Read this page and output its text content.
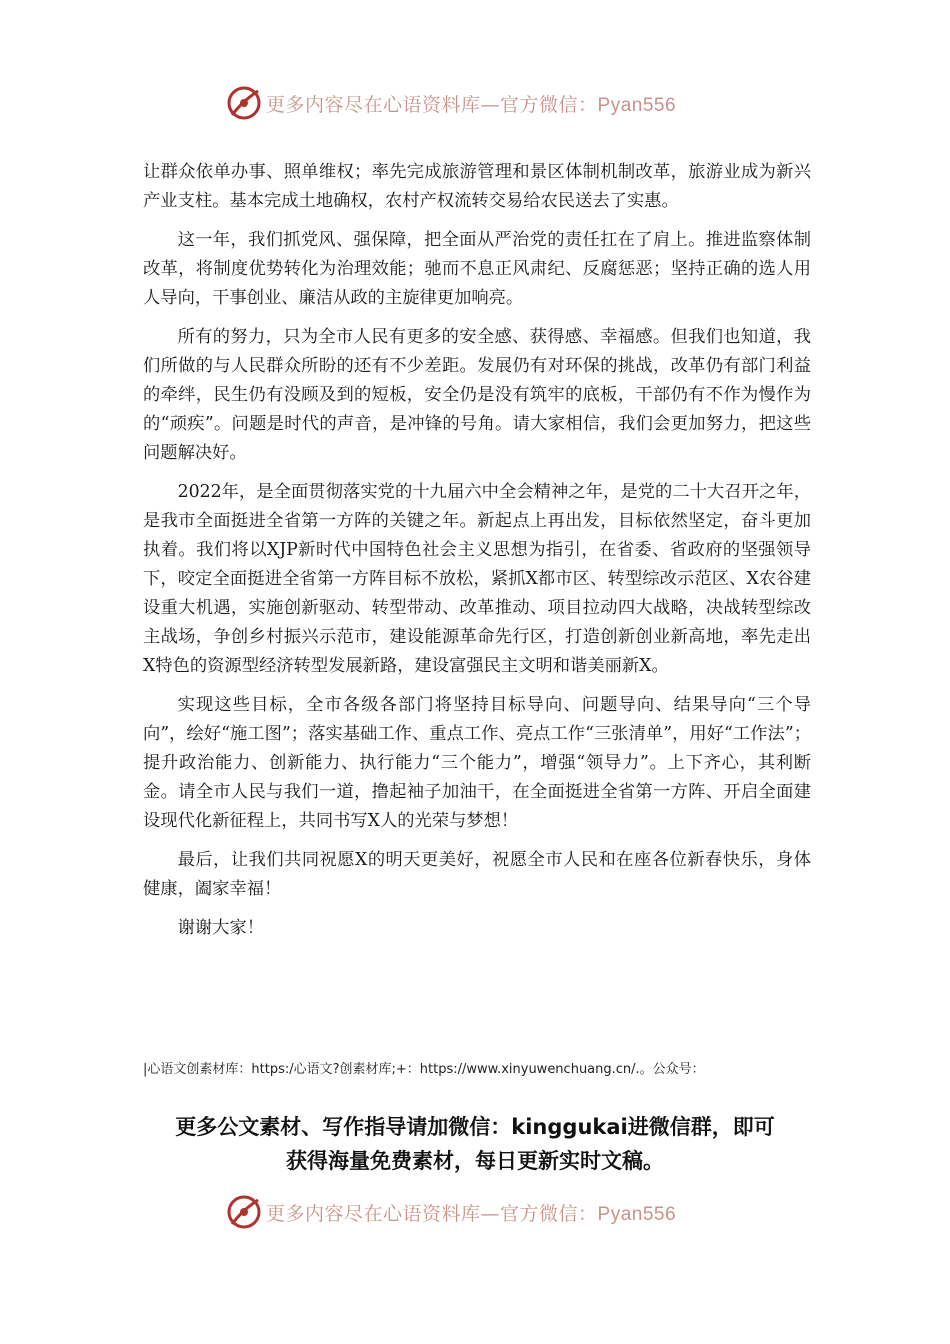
更多内容尽在心语资料库—官方微信：Pyan556

让群众依单办事、照单维权；率先完成旅游管理和景区体制机制改革，旅游业成为新兴产业支柱。基本完成土地确权，农村产权流转交易给农民送去了实惠。

这一年，我们抓党风、强保障，把全面从严治党的责任扛在了肩上。推进监察体制改革，将制度优势转化为治理效能；驰而不息正风肃纪、反腐惩恶；坚持正确的选人用人导向，干事创业、廉洁从政的主旋律更加响亮。

所有的努力，只为全市人民有更多的安全感、获得感、幸福感。但我们也知道，我们所做的与人民群众所盼的还有不少差距。发展仍有对环保的挑战，改革仍有部门利益的牵绊，民生仍有没顾及到的短板，安全仍是没有筑牢的底板，干部仍有不作为慢作为的“顽疾”。问题是时代的声音，是冲锋的号角。请大家相信，我们会更加努力，把这些问题解决好。

2022年，是全面贯彻落实党的十九届六中全会精神之年，是党的二十大召开之年，是我市全面挺进全省第一方阵的关键之年。新起点上再出发，目标依然坚定，奋斗更加执着。我们将以XJP新时代中国特色社会主义思想为指引，在省委、省政府的坚强领导下，咬定全面挺进全省第一方阵目标不放松，紧抓X都市区、转型综改示范区、X农谷建设重大机遇，实施创新驱动、转型带动、改革推动、项目拉动四大战略，决战转型综改主战场，争创乡村振兴示范市，建设能源革命先行区，打造创新创业新高地，率先走出X特色的资源型经济转型发展新路，建设富强民主文明和谐美丽新X。

实现这些目标，全市各级各部门将坚持目标导向、问题导向、结果导向“三个导向”，绘好“施工图”；落实基础工作、重点工作、亮点工作“三张清单”，用好“工作法”；提升政治能力、创新能力、执行能力“三个能力”，增强“领导力”。上下齐心，其利断金。请全市人民与我们一道，撸起袖子加油干，在全面挺进全省第一方阵、开启全面建设现代化新征程上，共同书写X人的光荣与梦想！

最后，让我们共同祝愿X的明天更美好，祝愿全市人民和在座各位新春快乐，身体健康，阖家幸福！

谢谢大家！

|心语文创素材库：https:/心语文?创素材库;+：https://www.xinyuwenchuang.cn/.。公众号：
更多公文素材、写作指导请加微信：kinggukai进微信群，即可
获得海量免费素材，每日更新实时文稿。
更多内容尽在心语资料库—官方微信：Pyan556
